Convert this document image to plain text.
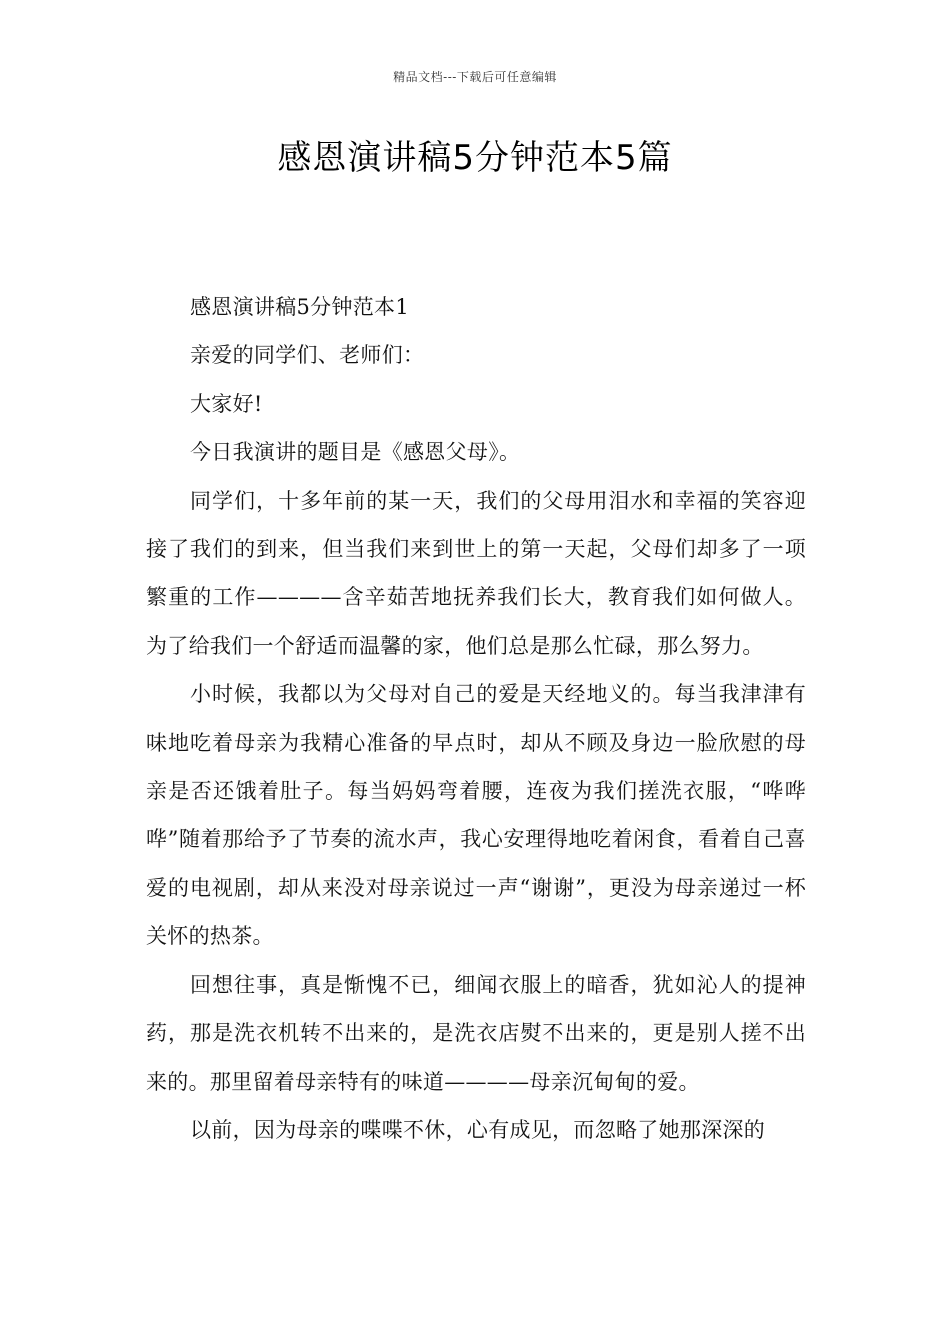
精品文档---下载后可任意编辑
感恩演讲稿5分钟范本5篇

感恩演讲稿5分钟范本1

亲爱的同学们、老师们：

大家好!

今日我演讲的题目是《感恩父母》。

同学们，十多年前的某一天，我们的父母用泪水和幸福的笑容迎接了我们的到来，但当我们来到世上的第一天起，父母们却多了一项繁重的工作————含辛茹苦地抚养我们长大，教育我们如何做人。为了给我们一个舒适而温馨的家，他们总是那么忙碌，那么努力。

小时候，我都以为父母对自己的爱是天经地义的。每当我津津有味地吃着母亲为我精心准备的早点时，却从不顾及身边一脸欣慰的母亲是否还饿着肚子。每当妈妈弯着腰，连夜为我们搓洗衣服，“哗哗哗”随着那给予了节奏的流水声，我心安理得地吃着闲食，看着自己喜爱的电视剧，却从来没对母亲说过一声“谢谢”，更没为母亲递过一杯关怀的热茶。

回想往事，真是惭愧不已，细闻衣服上的暗香，犹如沁人的提神药，那是洗衣机转不出来的，是洗衣店熨不出来的，更是别人搓不出来的。那里留着母亲特有的味道————母亲沉甸甸的爱。

以前，因为母亲的喋喋不休，心有成见，而忽略了她那深深的
